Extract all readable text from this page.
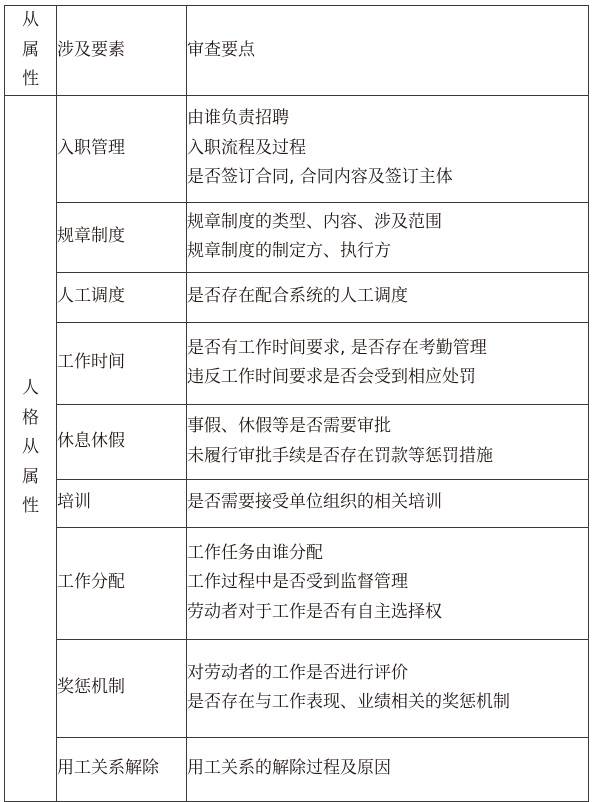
从属性	涉及要素	审查要点

人格从属性	入职管理	由谁负责招聘
入职流程及过程
是否签订合同, 合同内容及签订主体

	规章制度	规章制度的类型、内容、涉及范围
规章制度的制定方、执行方

	人工调度	是否存在配合系统的人工调度

	工作时间	是否有工作时间要求, 是否存在考勤管理
违反工作时间要求是否会受到相应处罚

	休息休假	事假、休假等是否需要审批
未履行审批手续是否存在罚款等惩罚措施

	培训	是否需要接受单位组织的相关培训

	工作分配	工作任务由谁分配
工作过程中是否受到监督管理
劳动者对于工作是否有自主选择权

	奖惩机制	对劳动者的工作是否进行评价
是否存在与工作表现、业绩相关的奖惩机制

	用工关系解除	用工关系的解除过程及原因
